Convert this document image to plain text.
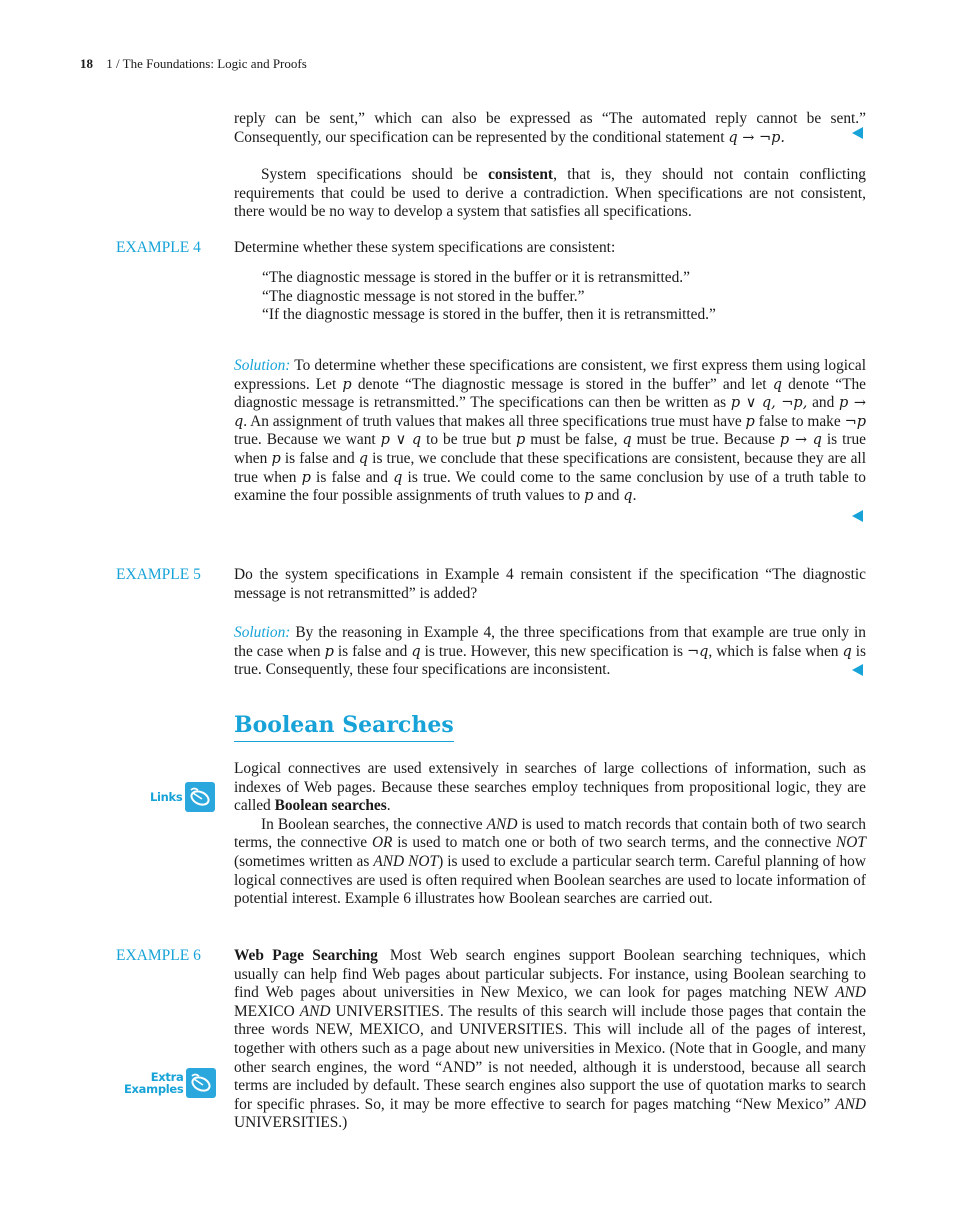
18 1 / The Foundations: Logic and Proofs

reply can be sent,” which can also be expressed as “The automated reply cannot be sent.” Consequently, our specification can be represented by the conditional statement q → ¬p.

System specifications should be consistent, that is, they should not contain conflicting requirements that could be used to derive a contradiction. When specifications are not consistent, there would be no way to develop a system that satisfies all specifications.

EXAMPLE 4	Determine whether these system specifications are consistent:

“The diagnostic message is stored in the buffer or it is retransmitted.”
“The diagnostic message is not stored in the buffer.”
“If the diagnostic message is stored in the buffer, then it is retransmitted.”

Solution: To determine whether these specifications are consistent, we first express them using logical expressions. Let p denote “The diagnostic message is stored in the buffer” and let q denote “The diagnostic message is retransmitted.” The specifications can then be written as p ∨ q, ¬p, and p → q. An assignment of truth values that makes all three specifications true must have p false to make ¬p true. Because we want p ∨ q to be true but p must be false, q must be true. Because p → q is true when p is false and q is true, we conclude that these specifications are consistent, because they are all true when p is false and q is true. We could come to the same conclusion by use of a truth table to examine the four possible assignments of truth values to p and q.

EXAMPLE 5	Do the system specifications in Example 4 remain consistent if the specification “The diagnostic message is not retransmitted” is added?

Solution: By the reasoning in Example 4, the three specifications from that example are true only in the case when p is false and q is true. However, this new specification is ¬q, which is false when q is true. Consequently, these four specifications are inconsistent.

Boolean Searches
Links

Logical connectives are used extensively in searches of large collections of information, such as indexes of Web pages. Because these searches employ techniques from propositional logic, they are called Boolean searches.

In Boolean searches, the connective AND is used to match records that contain both of two search terms, the connective OR is used to match one or both of two search terms, and the connective NOT (sometimes written as AND NOT) is used to exclude a particular search term. Careful planning of how logical connectives are used is often required when Boolean searches are used to locate information of potential interest. Example 6 illustrates how Boolean searches are carried out.

EXAMPLE 6	Web Page Searching Most Web search engines support Boolean searching techniques, which usually can help find Web pages about particular subjects. For instance, using Boolean searching to find Web pages about universities in New Mexico, we can look for pages matching NEW AND MEXICO AND UNIVERSITIES. The results of this search will include those pages that contain the three words NEW, MEXICO, and UNIVERSITIES. This will include all of the pages of interest, together with others such as a page about new universities in Mexico. (Note that in Google, and many other search engines, the word “AND” is not needed, although it is understood, because all search terms are included by default. These search engines also support the use of quotation marks to search for specific phrases. So, it may be more effective to search for pages matching “New Mexico” AND UNIVERSITIES.)

Extra
Examples
